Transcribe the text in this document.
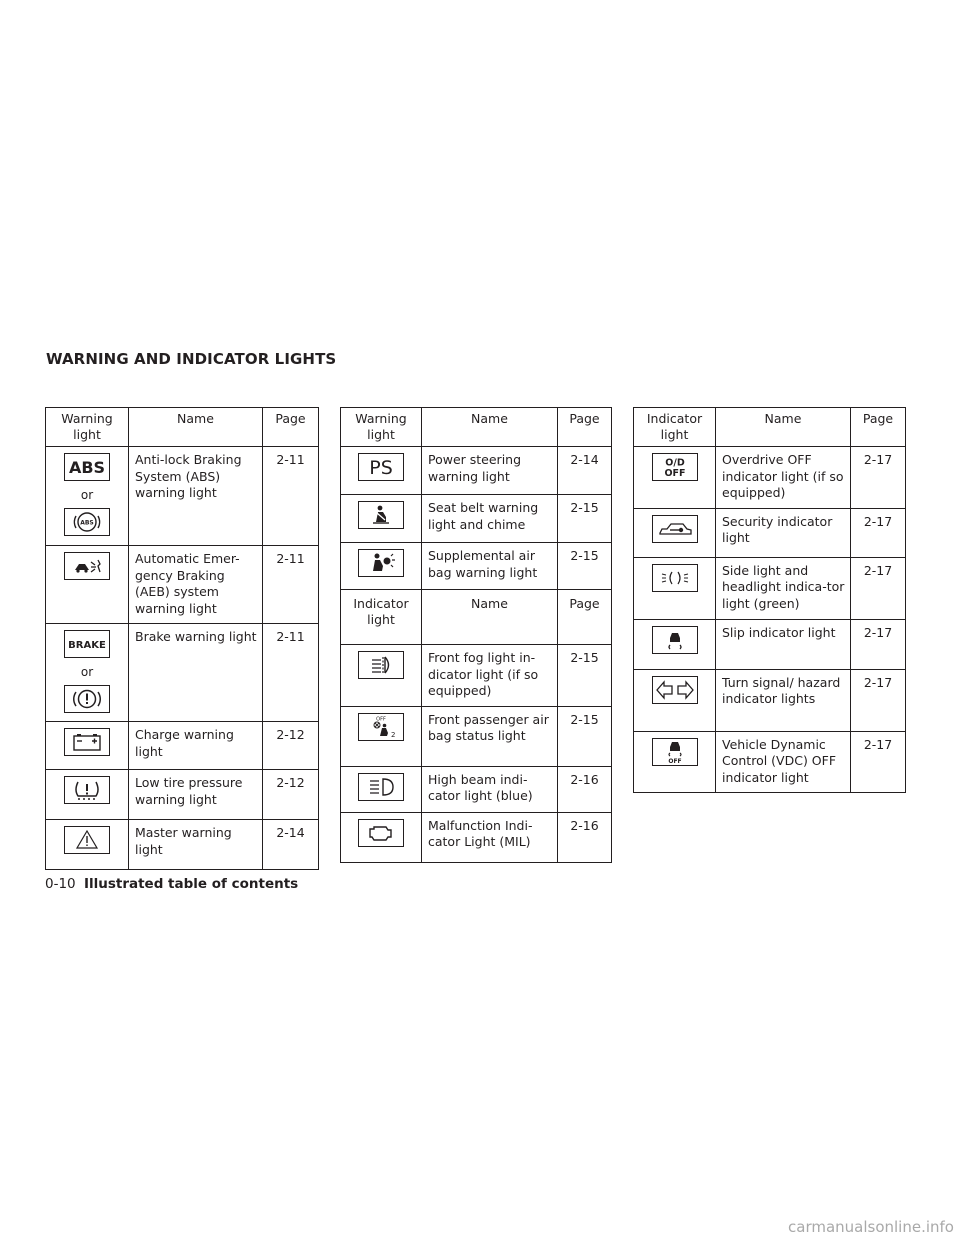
WARNING AND INDICATOR LIGHTS
Warning light	Name	Page

ABS
or
ABS	Anti-lock Braking System (ABS) warning light	2-11

	Automatic Emer-gency Braking (AEB) system warning light	2-11

BRAKE
or	Brake warning light	2-11

	Charge warning light	2-12

	Low tire pressure warning light	2-12

	Master warning light	2-14
Warning light	Name	Page

PS	Power steering warning light	2-14

	Seat belt warning light and chime	2-15

	Supplemental air bag warning light	2-15
Indicator light	Name	Page

	Front fog light in-dicator light (if so equipped)	2-15

OFF
2	Front passenger air bag status light	2-15

	High beam indi-cator light (blue)	2-16

	Malfunction Indi-cator Light (MIL)	2-16
Indicator light	Name	Page

O/D
OFF	Overdrive OFF indicator light (if so equipped)	2-17

	Security indicator light	2-17

	Side light and headlight indica-tor light (green)	2-17

	Slip indicator light	2-17

	Turn signal/ hazard indicator lights	2-17

OFF	Vehicle Dynamic Control (VDC) OFF indicator light	2-17
0-10 Illustrated table of contents
carmanualsonline.info
